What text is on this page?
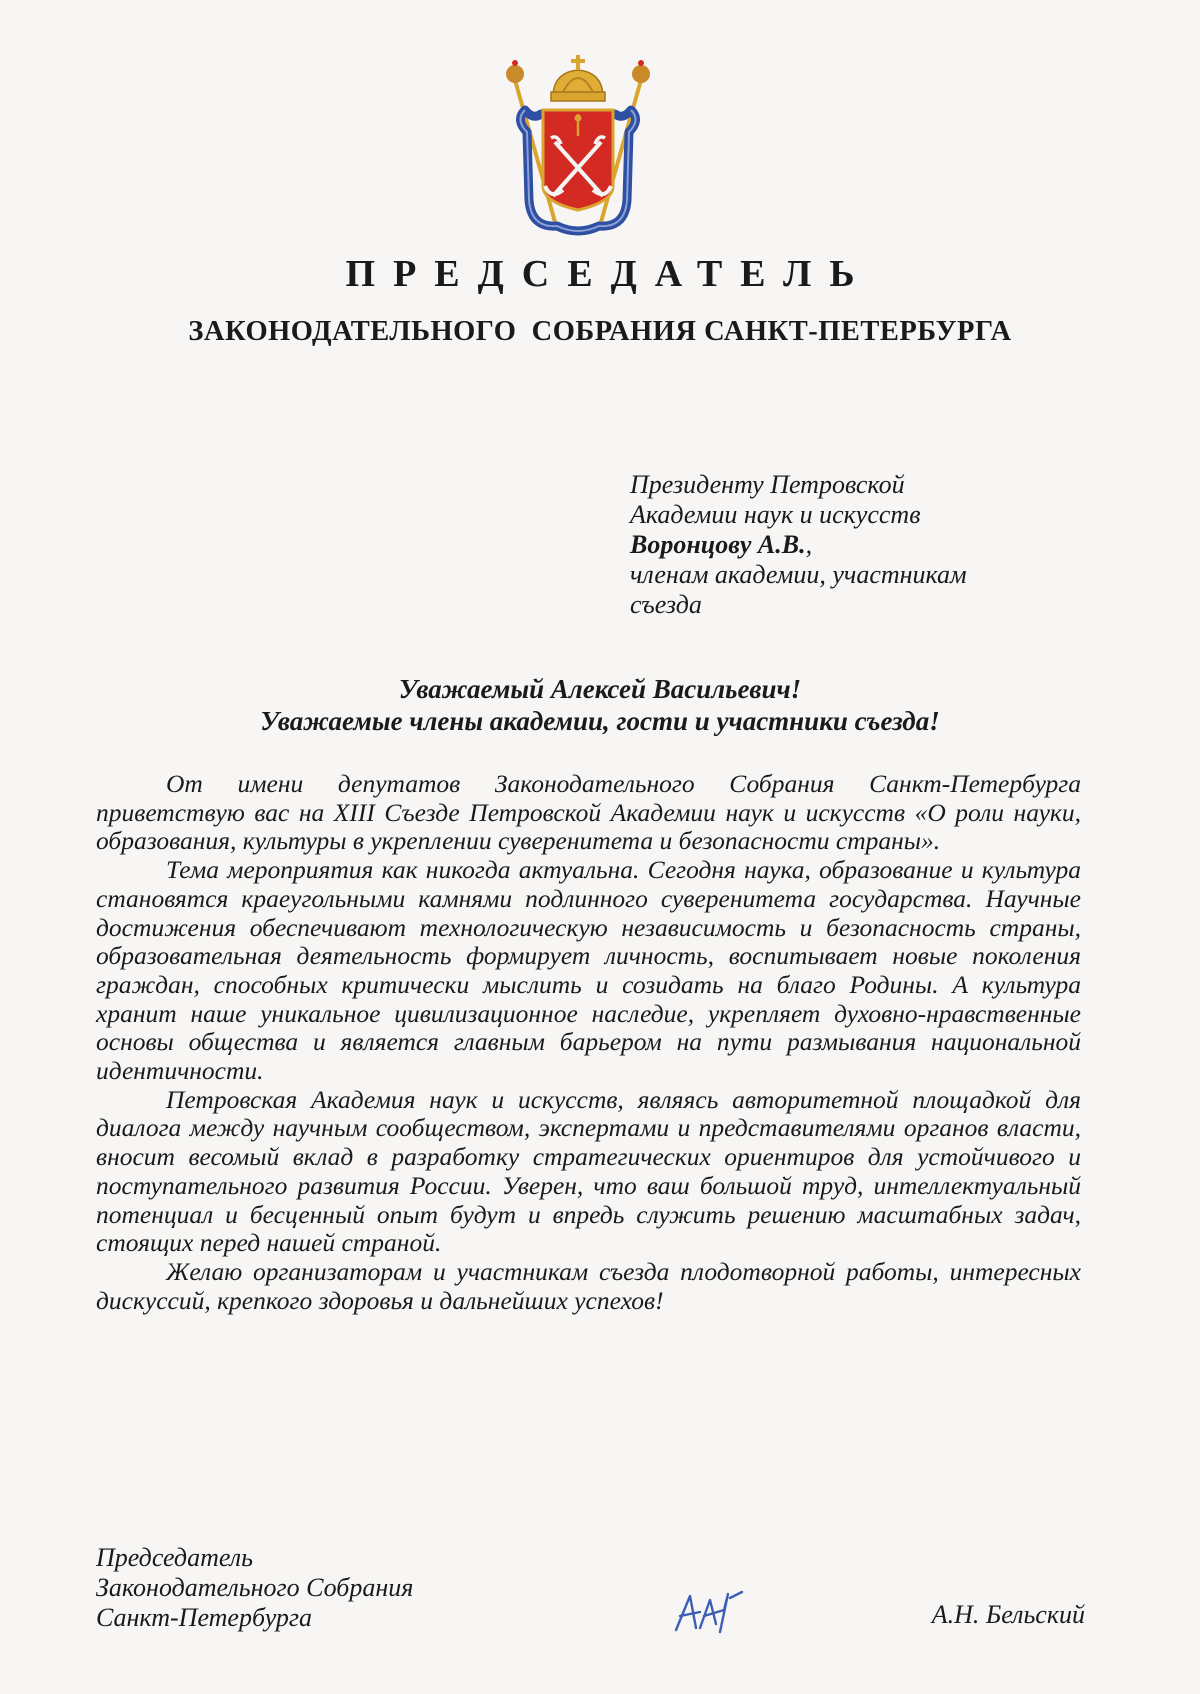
ПРЕДСЕДАТЕЛЬ
ЗАКОНОДАТЕЛЬНОГО  СОБРАНИЯ САНКТ-ПЕТЕРБУРГА
Президенту Петровской
Академии наук и искусств
Воронцову А.В.,
членам академии, участникам
съезда
Уважаемый Алексей Васильевич!
Уважаемые члены академии, гости и участники съезда!

От имени депутатов Законодательного Собрания Санкт-Петербурга приветствую вас на XIII Съезде Петровской Академии наук и искусств «О роли науки, образования, культуры в укреплении суверенитета и безопасности страны».

Тема мероприятия как никогда актуальна. Сегодня наука, образование и культура становятся краеугольными камнями подлинного суверенитета государства. Научные достижения обеспечивают технологическую независимость и безопасность страны, образовательная деятельность формирует личность, воспитывает новые поколения граждан, способных критически мыслить и созидать на благо Родины. А культура хранит наше уникальное цивилизационное наследие, укрепляет духовно-нравственные основы общества и является главным барьером на пути размывания национальной идентичности.

Петровская Академия наук и искусств, являясь авторитетной площадкой для диалога между научным сообществом, экспертами и представителями органов власти, вносит весомый вклад в разработку стратегических ориентиров для устойчивого и поступательного развития России. Уверен, что ваш большой труд, интеллектуальный потенциал и бесценный опыт будут и впредь служить решению масштабных задач, стоящих перед нашей страной.

Желаю организаторам и участникам съезда плодотворной работы, интересных дискуссий, крепкого здоровья и дальнейших успехов!

Председатель
Законодательного Собрания
Санкт-Петербурга	А.Н. Бельский
